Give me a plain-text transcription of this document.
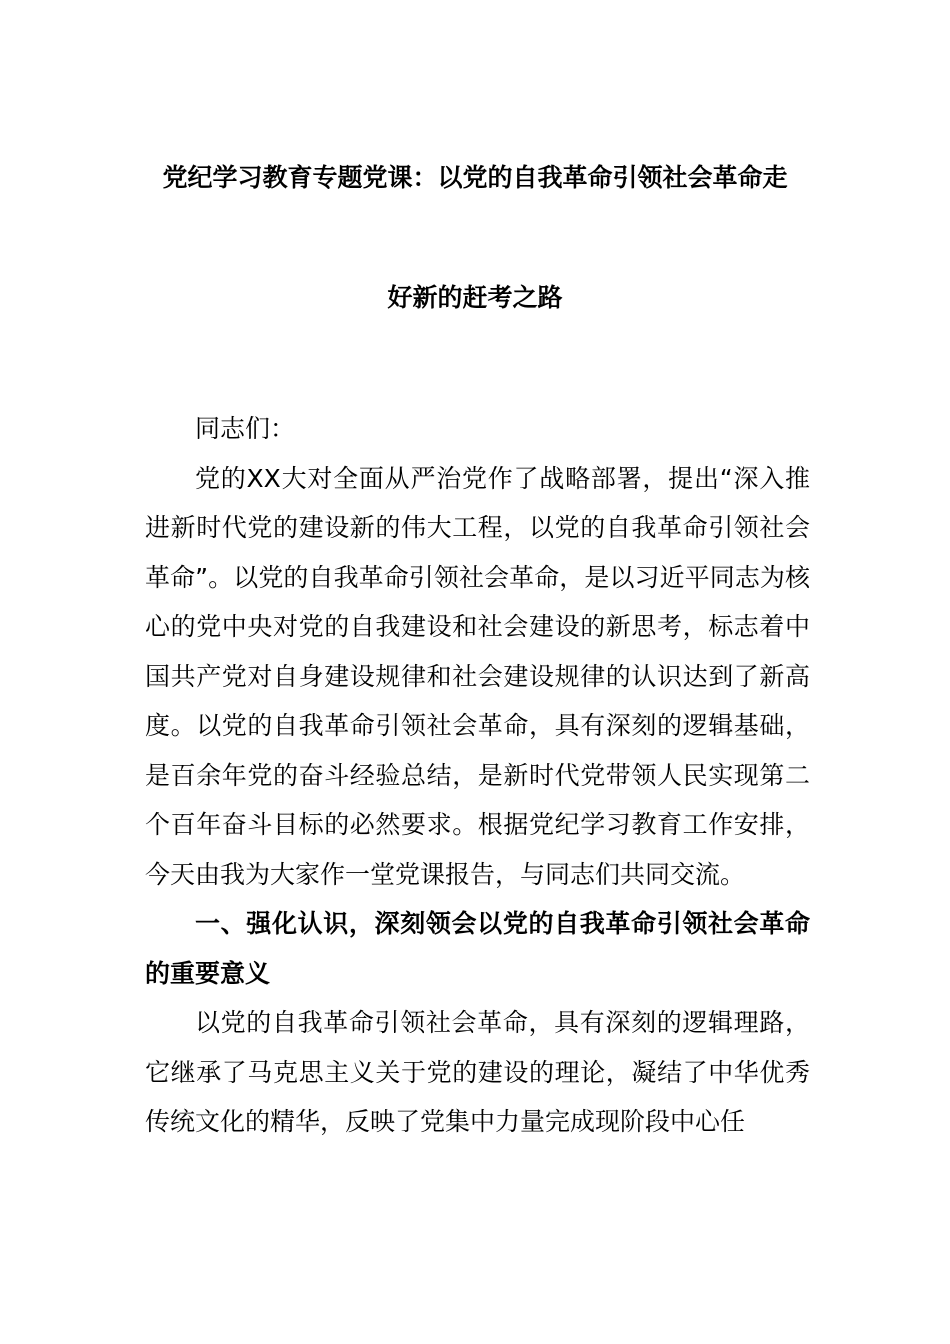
党纪学习教育专题党课：以党的自我革命引领社会革命走
好新的赶考之路

同志们：

党的XX大对全面从严治党作了战略部署，提出“深入推进新时代党的建设新的伟大工程，以党的自我革命引领社会革命”。以党的自我革命引领社会革命，是以习近平同志为核心的党中央对党的自我建设和社会建设的新思考，标志着中国共产党对自身建设规律和社会建设规律的认识达到了新高度。以党的自我革命引领社会革命，具有深刻的逻辑基础，是百余年党的奋斗经验总结，是新时代党带领人民实现第二个百年奋斗目标的必然要求。根据党纪学习教育工作安排，今天由我为大家作一堂党课报告，与同志们共同交流。

一、强化认识，深刻领会以党的自我革命引领社会革命的重要意义

以党的自我革命引领社会革命，具有深刻的逻辑理路，它继承了马克思主义关于党的建设的理论，凝结了中华优秀传统文化的精华，反映了党集中力量完成现阶段中心任
